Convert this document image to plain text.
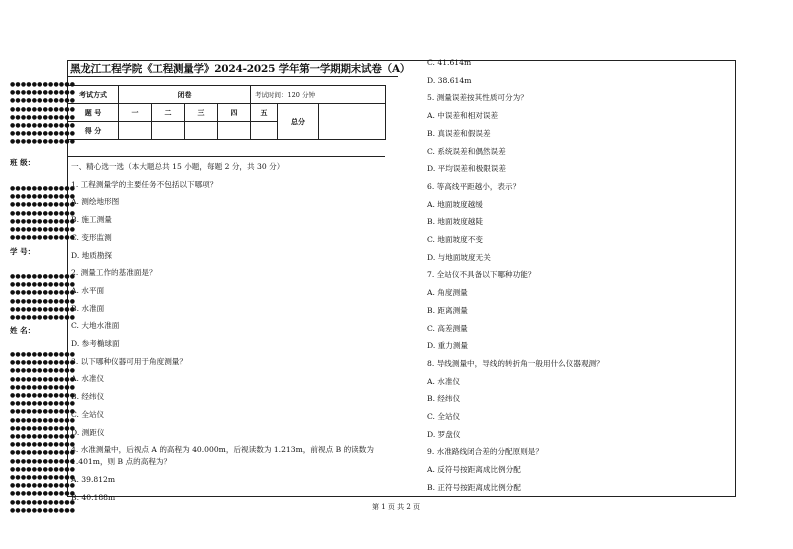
黑龙江工程学院《工程测量学》2024-2025 学年第一学期期末试卷（A）
考试方式	闭卷				考试时间：120 分钟		
题 号	一	二	三	四	五	总分	
得 分							
一、精心选一选（本大题总共 15 小题，每题 2 分，共 30 分）
1. 工程测量学的主要任务不包括以下哪项？
A. 测绘地形图
B. 施工测量
C. 变形监测
D. 地质勘探
2. 测量工作的基准面是？
A. 水平面
B. 水准面
C. 大地水准面
D. 参考椭球面
3. 以下哪种仪器可用于角度测量？
A. 水准仪
B. 经纬仪
C. 全站仪
D. 测距仪
4. 水准测量中，后视点 A 的高程为 40.000m，后视读数为 1.213m，前视点 B 的读数为 1.401m，则 B 点的高程为？
A. 39.812m
B. 40.188m
C. 41.614m
D. 38.614m
5. 测量误差按其性质可分为？
A. 中误差和相对误差
B. 真误差和假误差
C. 系统误差和偶然误差
D. 平均误差和极限误差
6. 等高线平距越小，表示？
A. 地面坡度越缓
B. 地面坡度越陡
C. 地面坡度不变
D. 与地面坡度无关
7. 全站仪不具备以下哪种功能？
A. 角度测量
B. 距离测量
C. 高差测量
D. 重力测量
8. 导线测量中，导线的转折角一般用什么仪器观测？
A. 水准仪
B. 经纬仪
C. 全站仪
D. 罗盘仪
9. 水准路线闭合差的分配原则是？
A. 反符号按距离成比例分配
B. 正符号按距离成比例分配
●●●●●●●●●●●●
●●●●●●●●●●●●
●●●●●●●●●●●●
●●●●●●●●●●●●
●●●●●●●●●●●●
●●●●●●●●●●●●
●●●●●●●●●●●●
●●●●●●●●●●●●
班 级：
●●●●●●●●●●●●
●●●●●●●●●●●●
●●●●●●●●●●●●
●●●●●●●●●●●●
●●●●●●●●●●●●
●●●●●●●●●●●●
●●●●●●●●●●●●
学 号：
●●●●●●●●●●●●
●●●●●●●●●●●●
●●●●●●●●●●●●
●●●●●●●●●●●●
●●●●●●●●●●●●
●●●●●●●●●●●●
姓 名：
●●●●●●●●●●●●
●●●●●●●●●●●●
●●●●●●●●●●●●
●●●●●●●●●●●●
●●●●●●●●●●●●
●●●●●●●●●●●●
●●●●●●●●●●●●
●●●●●●●●●●●●
●●●●●●●●●●●●
●●●●●●●●●●●●
●●●●●●●●●●●●
●●●●●●●●●●●●
●●●●●●●●●●●●
●●●●●●●●●●●●
●●●●●●●●●●●●
●●●●●●●●●●●●
●●●●●●●●●●●●
●●●●●●●●●●●●
●●●●●●●●●●●●
●●●●●●●●●●●●	第 1 页 共 2 页
